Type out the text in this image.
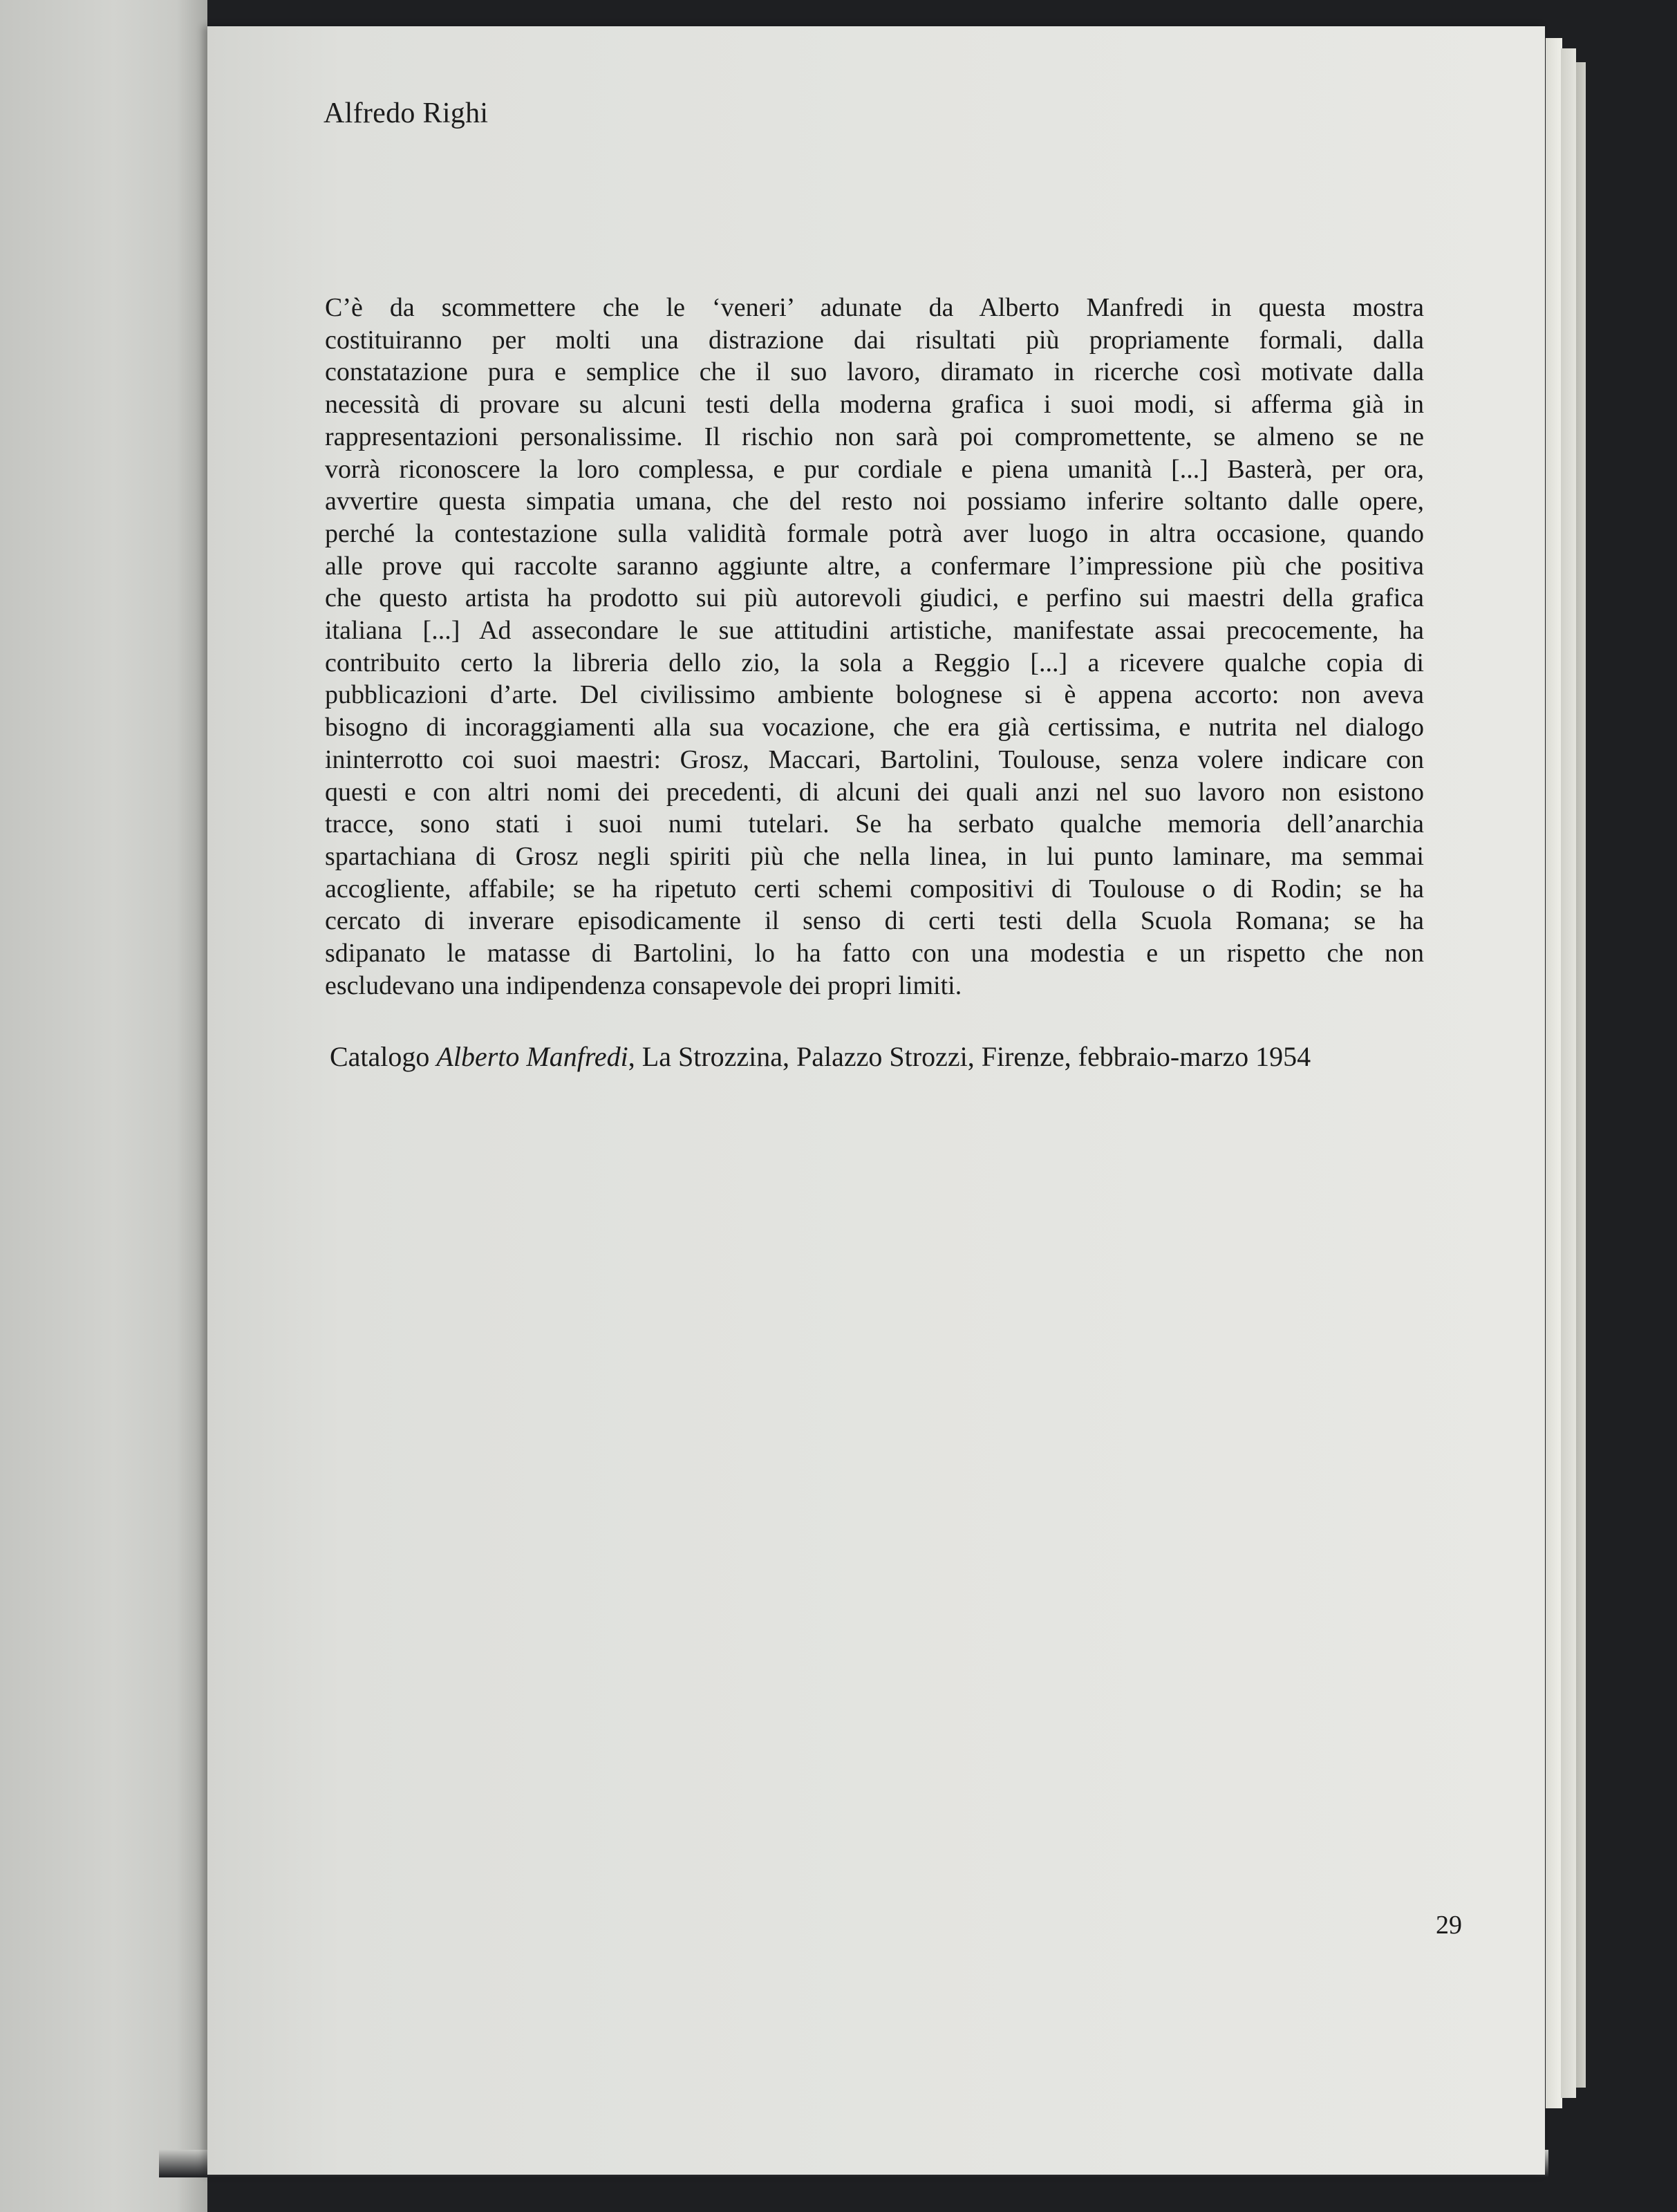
Alfredo Righi

C’è da scommettere che le ‘veneri’ adunate da Alberto Manfredi in questa mostra
costituiranno per molti una distrazione dai risultati più propriamente formali, dalla
constatazione pura e semplice che il suo lavoro, diramato in ricerche così motivate dalla
necessità di provare su alcuni testi della moderna grafica i suoi modi, si afferma già in
rappresentazioni personalissime. Il rischio non sarà poi compromettente, se almeno se ne
vorrà riconoscere la loro complessa, e pur cordiale e piena umanità [...] Basterà, per ora,
avvertire questa simpatia umana, che del resto noi possiamo inferire soltanto dalle opere,
perché la contestazione sulla validità formale potrà aver luogo in altra occasione, quando
alle prove qui raccolte saranno aggiunte altre, a confermare l’impressione più che positiva
che questo artista ha prodotto sui più autorevoli giudici, e perfino sui maestri della grafica
italiana [...] Ad assecondare le sue attitudini artistiche, manifestate assai precocemente, ha
contribuito certo la libreria dello zio, la sola a Reggio [...] a ricevere qualche copia di
pubblicazioni d’arte. Del civilissimo ambiente bolognese si è appena accorto: non aveva
bisogno di incoraggiamenti alla sua vocazione, che era già certissima, e nutrita nel dialogo
ininterrotto coi suoi maestri: Grosz, Maccari, Bartolini, Toulouse, senza volere indicare con
questi e con altri nomi dei precedenti, di alcuni dei quali anzi nel suo lavoro non esistono
tracce, sono stati i suoi numi tutelari. Se ha serbato qualche memoria dell’anarchia
spartachiana di Grosz negli spiriti più che nella linea, in lui punto laminare, ma semmai
accogliente, affabile; se ha ripetuto certi schemi compositivi di Toulouse o di Rodin; se ha
cercato di inverare episodicamente il senso di certi testi della Scuola Romana; se ha
sdipanato le matasse di Bartolini, lo ha fatto con una modestia e un rispetto che non
escludevano una indipendenza consapevole dei propri limiti.

Catalogo Alberto Manfredi, La Strozzina, Palazzo Strozzi, Firenze, febbraio-marzo 1954
29
